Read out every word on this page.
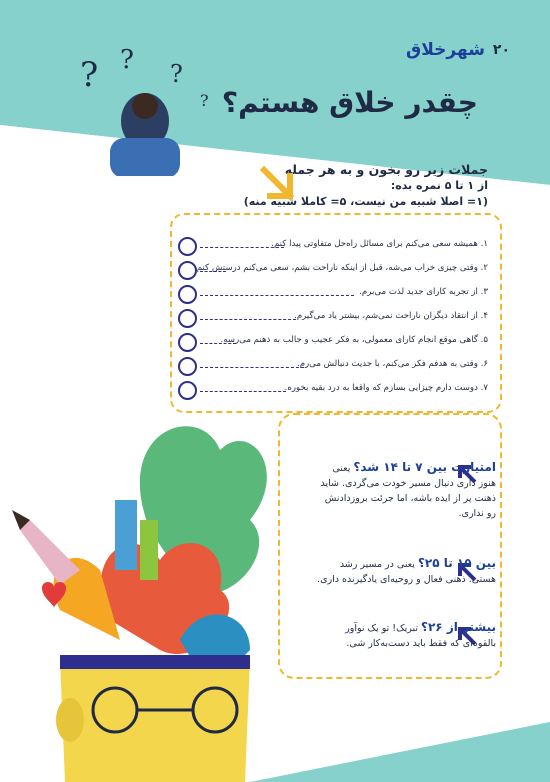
? ? ?
?
شهرخلاق ۲۰
چقدر خلاق هستم؟
جملات زیر رو بخون و به هر جمله
از ۱ تا ۵ نمره بده:
(۱= اصلا شبیه من نیست، ۵= کاملا شبیه منه)
۱. همیشه سعی می‌کنم برای مسائل راه‌حل متفاوتی پیدا کنم.
۲. وقتی چیزی خراب می‌شه، قبل از اینکه ناراحت بشم، سعی می‌کنم درستش کنم.
۳. از تجربه کارای جدید لذت می‌برم.
۴. از انتقاد دیگران ناراحت نمی‌شم، بیشتر یاد می‌گیرم.
۵. گاهی موقع انجام کارای معمولی، به فکر عجیب و جالب به ذهنم می‌رسه.
۶. وقتی به هدفم فکر می‌کنم، با جدیت دنبالش می‌رم.
۷. دوست دارم چیزایی بسازم که واقعا به درد بقیه بخوره.
امتیازت بین ۷ تا ۱۴ شد؟ یعنی هنوز داری دنبال مسیر خودت می‌گردی. شاید ذهنت پر از ایده باشه، اما جرئت بروزدادنش رو نداری.
بین ۱۵ تا ۲۵؟ یعنی در مسیر رشد هستی. ذهنی فعال و روحیه‌ای یادگیرنده داری.
بیشتر از ۲۶؟ تبریک! تو یک نوآور بالقوه‌ای که فقط باید دست‌به‌کار شی.
